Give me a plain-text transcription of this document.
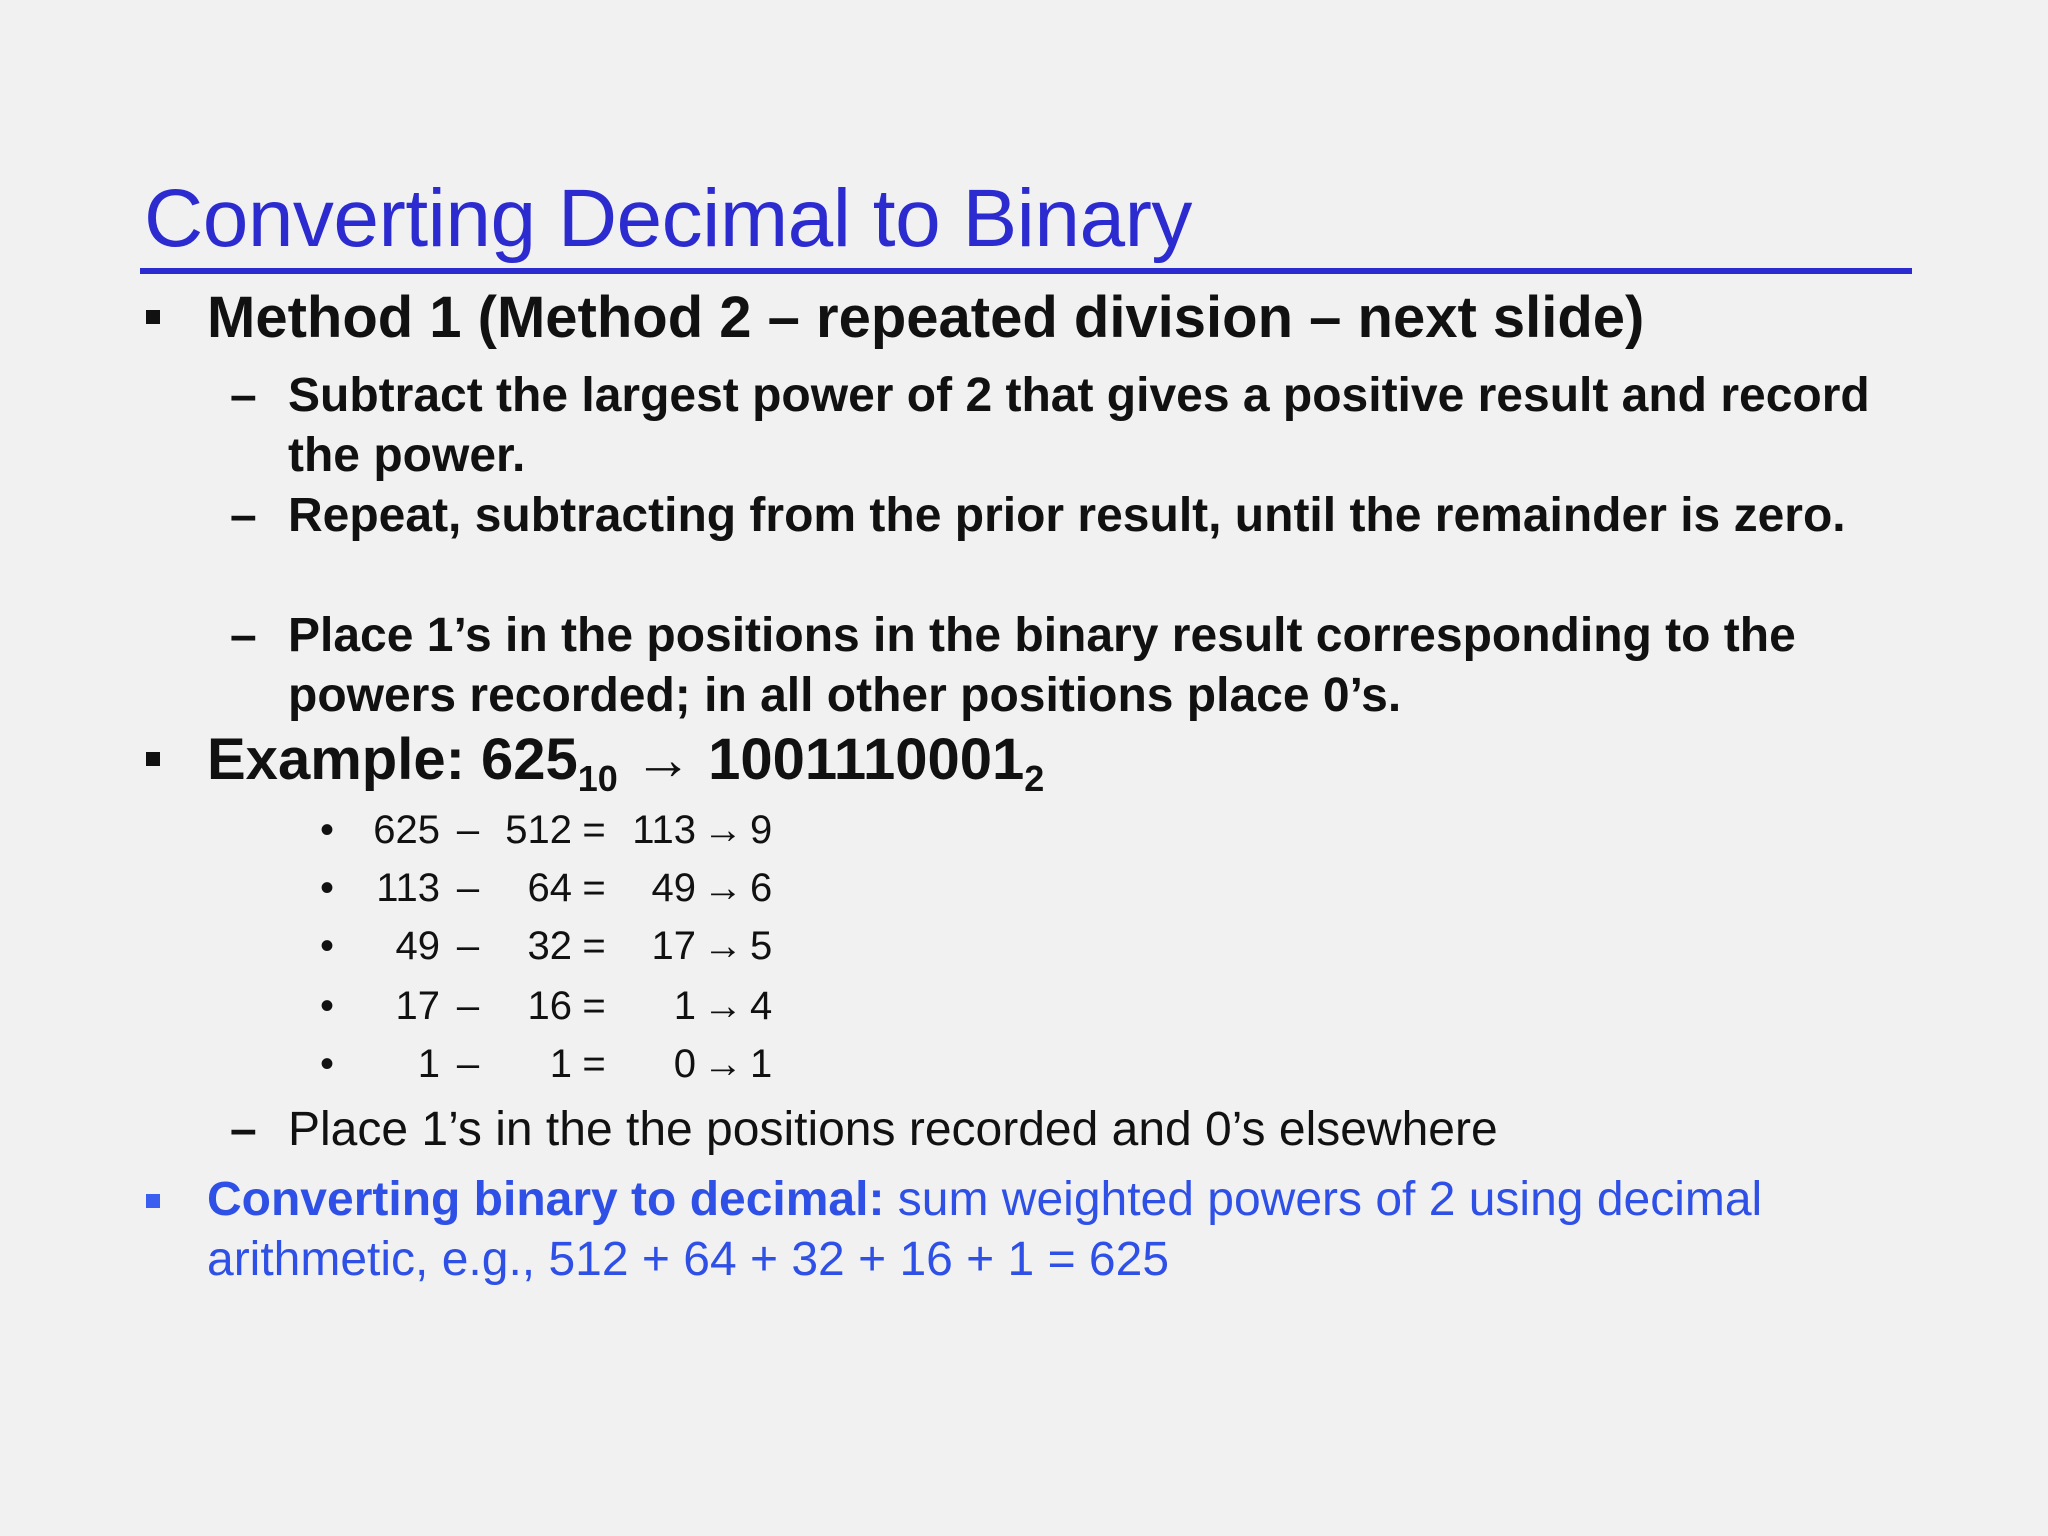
Converting Decimal to Binary
Method 1 (Method 2 – repeated division – next slide)
– Subtract the largest power of 2 that gives a positive result and record the power.
– Repeat, subtracting from the prior result, until the remainder is zero.
– Place 1’s in the positions in the binary result corresponding to the powers recorded; in all other positions place 0’s.
Example: $625_{10} \to 1001110001_2$
• 625 – 512 = 113 → 9
• 113 – 64 = 49 → 6
• 49 – 32 = 17 → 5
• 17 – 16 = 1 → 4
• 1 – 1 = 0 → 1
– Place 1’s in the the positions recorded and 0’s elsewhere
Converting binary to decimal: sum weighted powers of 2 using decimal arithmetic, e.g., 512 + 64 + 32 + 16 + 1 = 625
